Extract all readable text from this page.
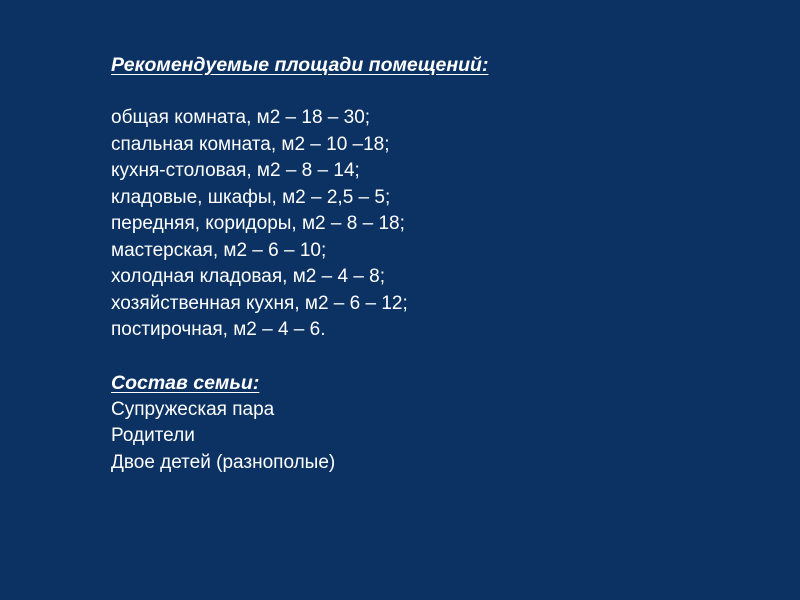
Рекомендуемые площади помещений:

общая комната, м2 – 18 – 30;
спальная комната, м2 – 10 –18;
кухня-столовая, м2 – 8 – 14;
кладовые, шкафы, м2 – 2,5 – 5;
передняя, коридоры, м2 – 8 – 18;
мастерская, м2 – 6 – 10;
холодная кладовая, м2 – 4 – 8;
хозяйственная кухня, м2 – 6 – 12;
постирочная, м2 – 4 – 6.

Состав семьи:

Супружеская пара
Родители
Двое детей (разнополые)
